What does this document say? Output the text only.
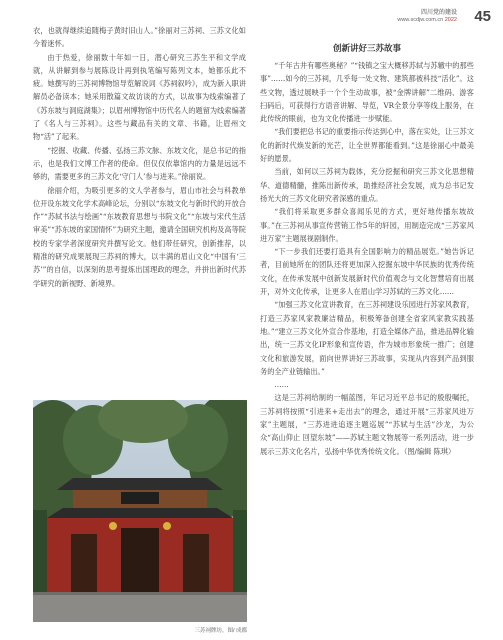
四川党的建设
www.scdjw.com.cn 2022 45

衣，也就得继续追随梅子黄时旧山人。”徐丽对三苏祠、三苏文化如今着迷怀。

由于热爱，徐丽数十年如一日，潜心研究三苏生平和文学成就，从讲解到参与展陈设计再到执笔编写陈列文本，她都乐此不疲。她撰写的三苏祠博物馆导览解说词《苏祠叙吟》，成为新入职讲解员必备读本；她采用散篇文故访谈的方式，以故事为线索编著了《苏东坡与洞庭湖集》；以眉州博物馆中历代名人的题留为线索编著了《名人与三苏祠》。这些与藏品有关的文章、书籍，让眉州文物“活”了起来。

“挖掘、收藏、传播、弘扬三苏文脉、东坡文化，是总书记的指示，也是我们文博工作者的使命。但仅仅依靠馆内的力量是远远不够的，需要更多的三苏文化‘守门人’参与进来。”徐丽说。

徐丽介绍，为吸引更多的文人学者参与，眉山市社会与科教单位开设东坡文化学术高峰论坛，分别以“东坡文化与新时代的开放合作”“苏轼书法与绘画”“东坡教育思想与书院文化”“东坡与宋代生活审美”“苏东坡的家国情怀”为研究主题，邀请全国研究机构及高等院校的专家学者深度研究并撰写论文。他们带任研究，创新推荐，以精准的研究成果展现三苏祠的博大，以丰满的眉山文化“中国有‘三苏’”的自信，以深刻的思考提炼出国理政的理念，并拼出新时代苏学研究的新视野、新境界。

创新讲好三苏故事

“千年古井有哪些奥秘？”“钱镇之宝大概移苏轼与苏辙中的那些事”……如今的三苏祠，几乎每一处文物、建筑都被科技“活化”。这些文物，透过展映手一个个生动故事，被“金牌讲解”二维码、游客扫码后，可获得行方语音讲解、导览，VR全景分享等线上服务，在此传统的眼前，也为文化传播进一步赋能。

“我们要把总书记的重要指示传达到心中，落在实处，让三苏文化的新时代焕发新的光芒，让全世界都能看到。”这是徐丽心中最美好的愿景。

当前，如何以三苏祠为载体，充分挖掘和研究三苏文化思想精华、道德精髓，推陈出新传承，助推经济社会发展，成为总书记发扬光大的三苏文化研究者深感的重点。

“我们将采取更多群众喜闻乐见的方式，更好地传播东坡故事。”在三苏祠从事宣传营销工作5年的轩园，用制造完成“三苏家风进万家”主题展视剧制作。

“下一步我们还要打造具有全国影响力的精品展览。”她告诉记者，目前她所在的团队还将更加深入挖掘东坡中华民族的优秀传统文化，在传承发展中创新发展新时代价值观念与文化智慧培育出展开，对外文化传承，让更多人在眉山学习苏轼的三苏文化……

“加强三苏文化宣讲教育，在三苏祠建设乐园进行苏家风教育，打造三苏家风家教廉洁精品，积极筹备创建全省家风家教实践基地。”“建立三苏文化外宣合作基地，打造全媒体产品，推进品牌化输出，统一三苏文化IP形象和宣传语，作为城市形象统一推广；创建文化和旅游发展，面向世界讲好三苏故事，实现从内容到产品到服务的全产业链输出。”

……

这是三苏祠给制的一幅蓝图，年记习近平总书记的殷殷嘱托，三苏祠将按照“引进来+走出去”的理念，通过开展“三苏家风进万家”主题展，“三苏进进追逐主题巡展”“苏轼与生活”沙龙，为公众“高山仰止 回望东坡”——苏轼主题文物展等一系列活动，进一步展示三苏文化名片，弘扬中华优秀传统文化。（图/编辑 陈琪）

三苏祠牌坊。图/ 成都
